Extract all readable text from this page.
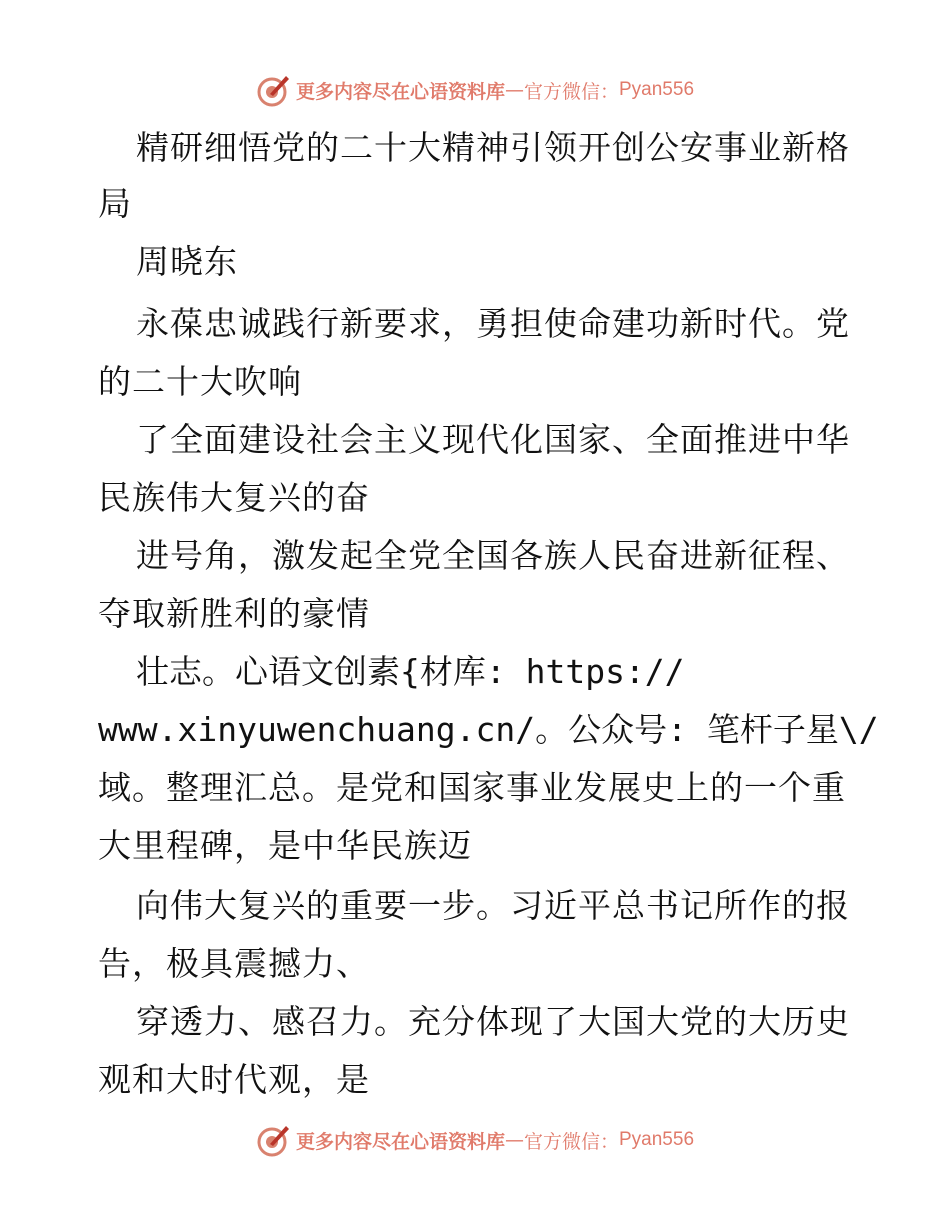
更多内容尽在心语资料库 — 官方微信： Pyan556
精研细悟党的二十大精神引领开创公安事业新格
局
周晓东
永葆忠诚践行新要求，勇担使命建功新时代。党
的二十大吹响
了全面建设社会主义现代化国家、全面推进中华
民族伟大复兴的奋
进号角，激发起全党全国各族人民奋进新征程、
夺取新胜利的豪情
壮志。心语文创素{材库: https://
www.xinyuwenchuang.cn/。公众号: 笔杆子星\/
域。整理汇总。是党和国家事业发展史上的一个重
大里程碑，是中华民族迈
向伟大复兴的重要一步。习近平总书记所作的报
告，极具震撼力、
穿透力、感召力。充分体现了大国大党的大历史
观和大时代观，是
更多内容尽在心语资料库 — 官方微信： Pyan556
